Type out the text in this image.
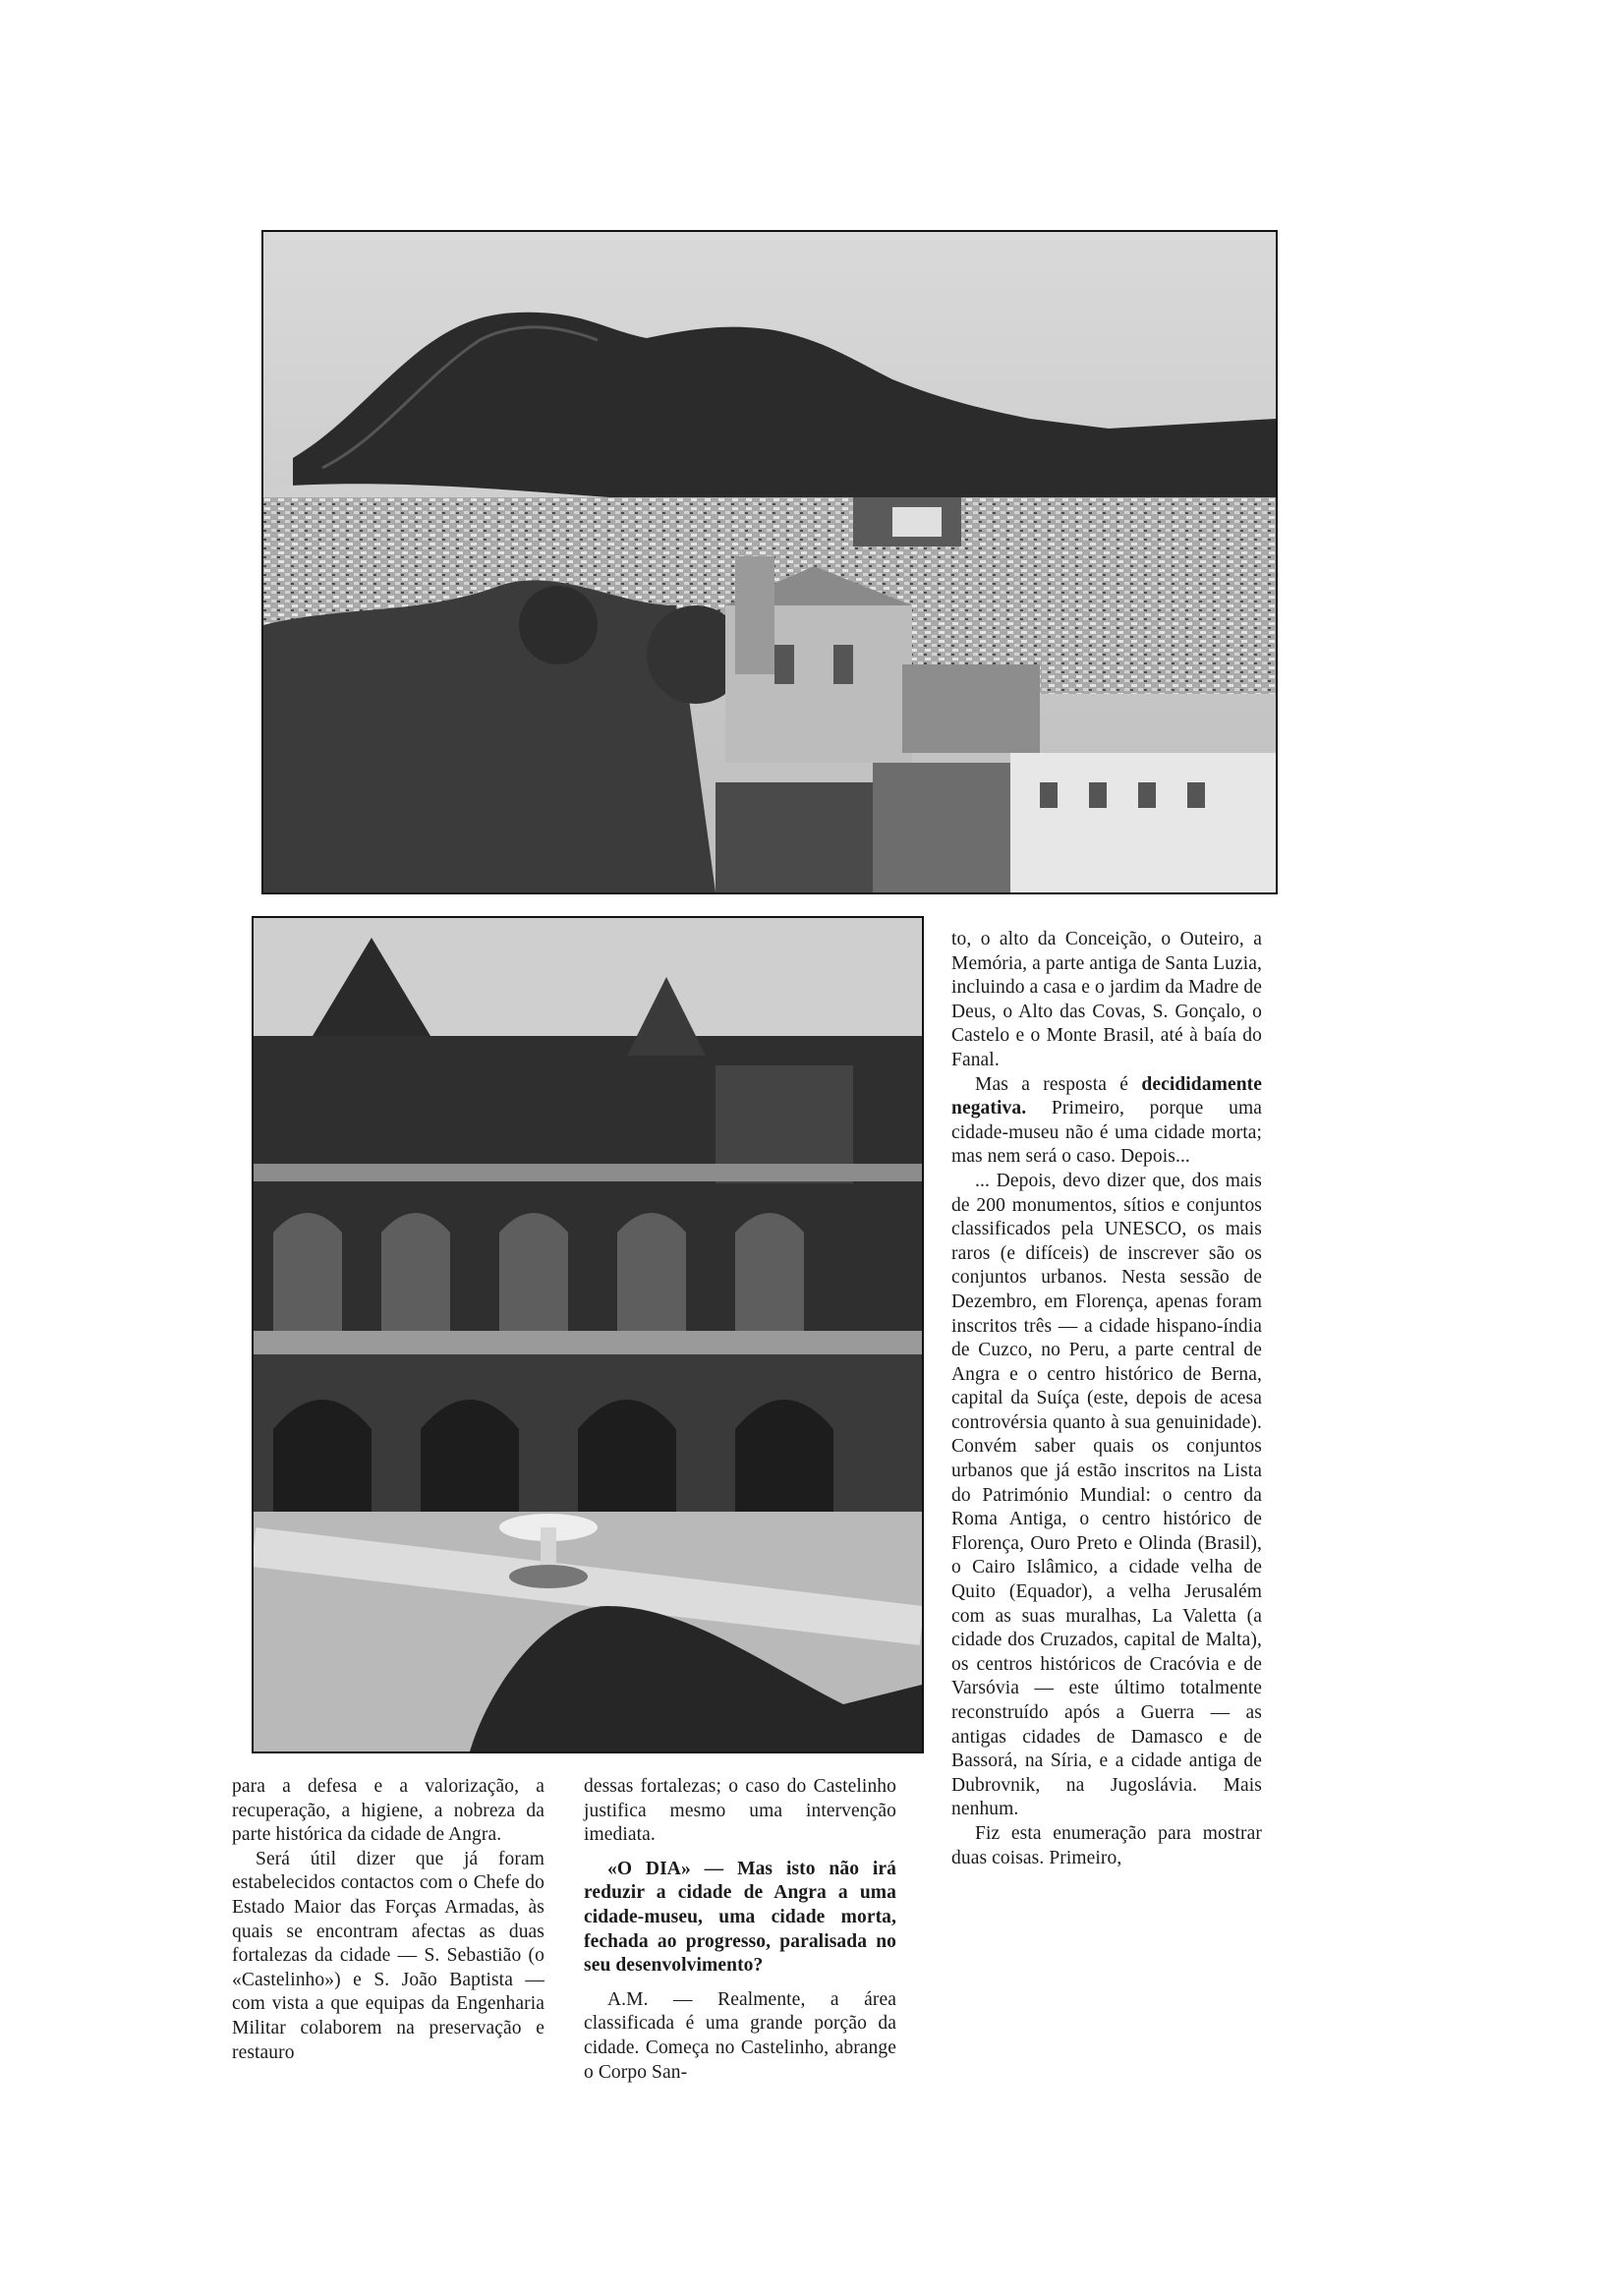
para a defesa e a valorização, a recuperação, a higiene, a nobreza da parte histórica da cidade de Angra.

Será útil dizer que já foram estabelecidos contactos com o Chefe do Estado Maior das Forças Armadas, às quais se encontram afectas as duas fortalezas da cidade — S. Sebastião (o «Castelinho») e S. João Baptista — com vista a que equipas da Engenharia Militar colaborem na preservação e restauro

dessas fortalezas; o caso do Castelinho justifica mesmo uma intervenção imediata.

«O DIA» — Mas isto não irá reduzir a cidade de Angra a uma cidade-museu, uma cidade morta, fechada ao progresso, paralisada no seu desenvolvimento?

A.M. — Realmente, a área classificada é uma grande porção da cidade. Começa no Castelinho, abrange o Corpo San-

to, o alto da Conceição, o Outeiro, a Memória, a parte antiga de Santa Luzia, incluindo a casa e o jardim da Madre de Deus, o Alto das Covas, S. Gonçalo, o Castelo e o Monte Brasil, até à baía do Fanal.

Mas a resposta é decididamente negativa. Primeiro, porque uma cidade-museu não é uma cidade morta; mas nem será o caso. Depois...

... Depois, devo dizer que, dos mais de 200 monumentos, sítios e conjuntos classificados pela UNESCO, os mais raros (e difíceis) de inscrever são os conjuntos urbanos. Nesta sessão de Dezembro, em Florença, apenas foram inscritos três — a cidade hispano-índia de Cuzco, no Peru, a parte central de Angra e o centro histórico de Berna, capital da Suíça (este, depois de acesa controvérsia quanto à sua genuinidade). Convém saber quais os conjuntos urbanos que já estão inscritos na Lista do Património Mundial: o centro da Roma Antiga, o centro histórico de Florença, Ouro Preto e Olinda (Brasil), o Cairo Islâmico, a cidade velha de Quito (Equador), a velha Jerusalém com as suas muralhas, La Valetta (a cidade dos Cruzados, capital de Malta), os centros históricos de Cracóvia e de Varsóvia — este último totalmente reconstruído após a Guerra — as antigas cidades de Damasco e de Bassorá, na Síria, e a cidade antiga de Dubrovnik, na Jugoslávia. Mais nenhum.

Fiz esta enumeração para mostrar duas coisas. Primeiro,
